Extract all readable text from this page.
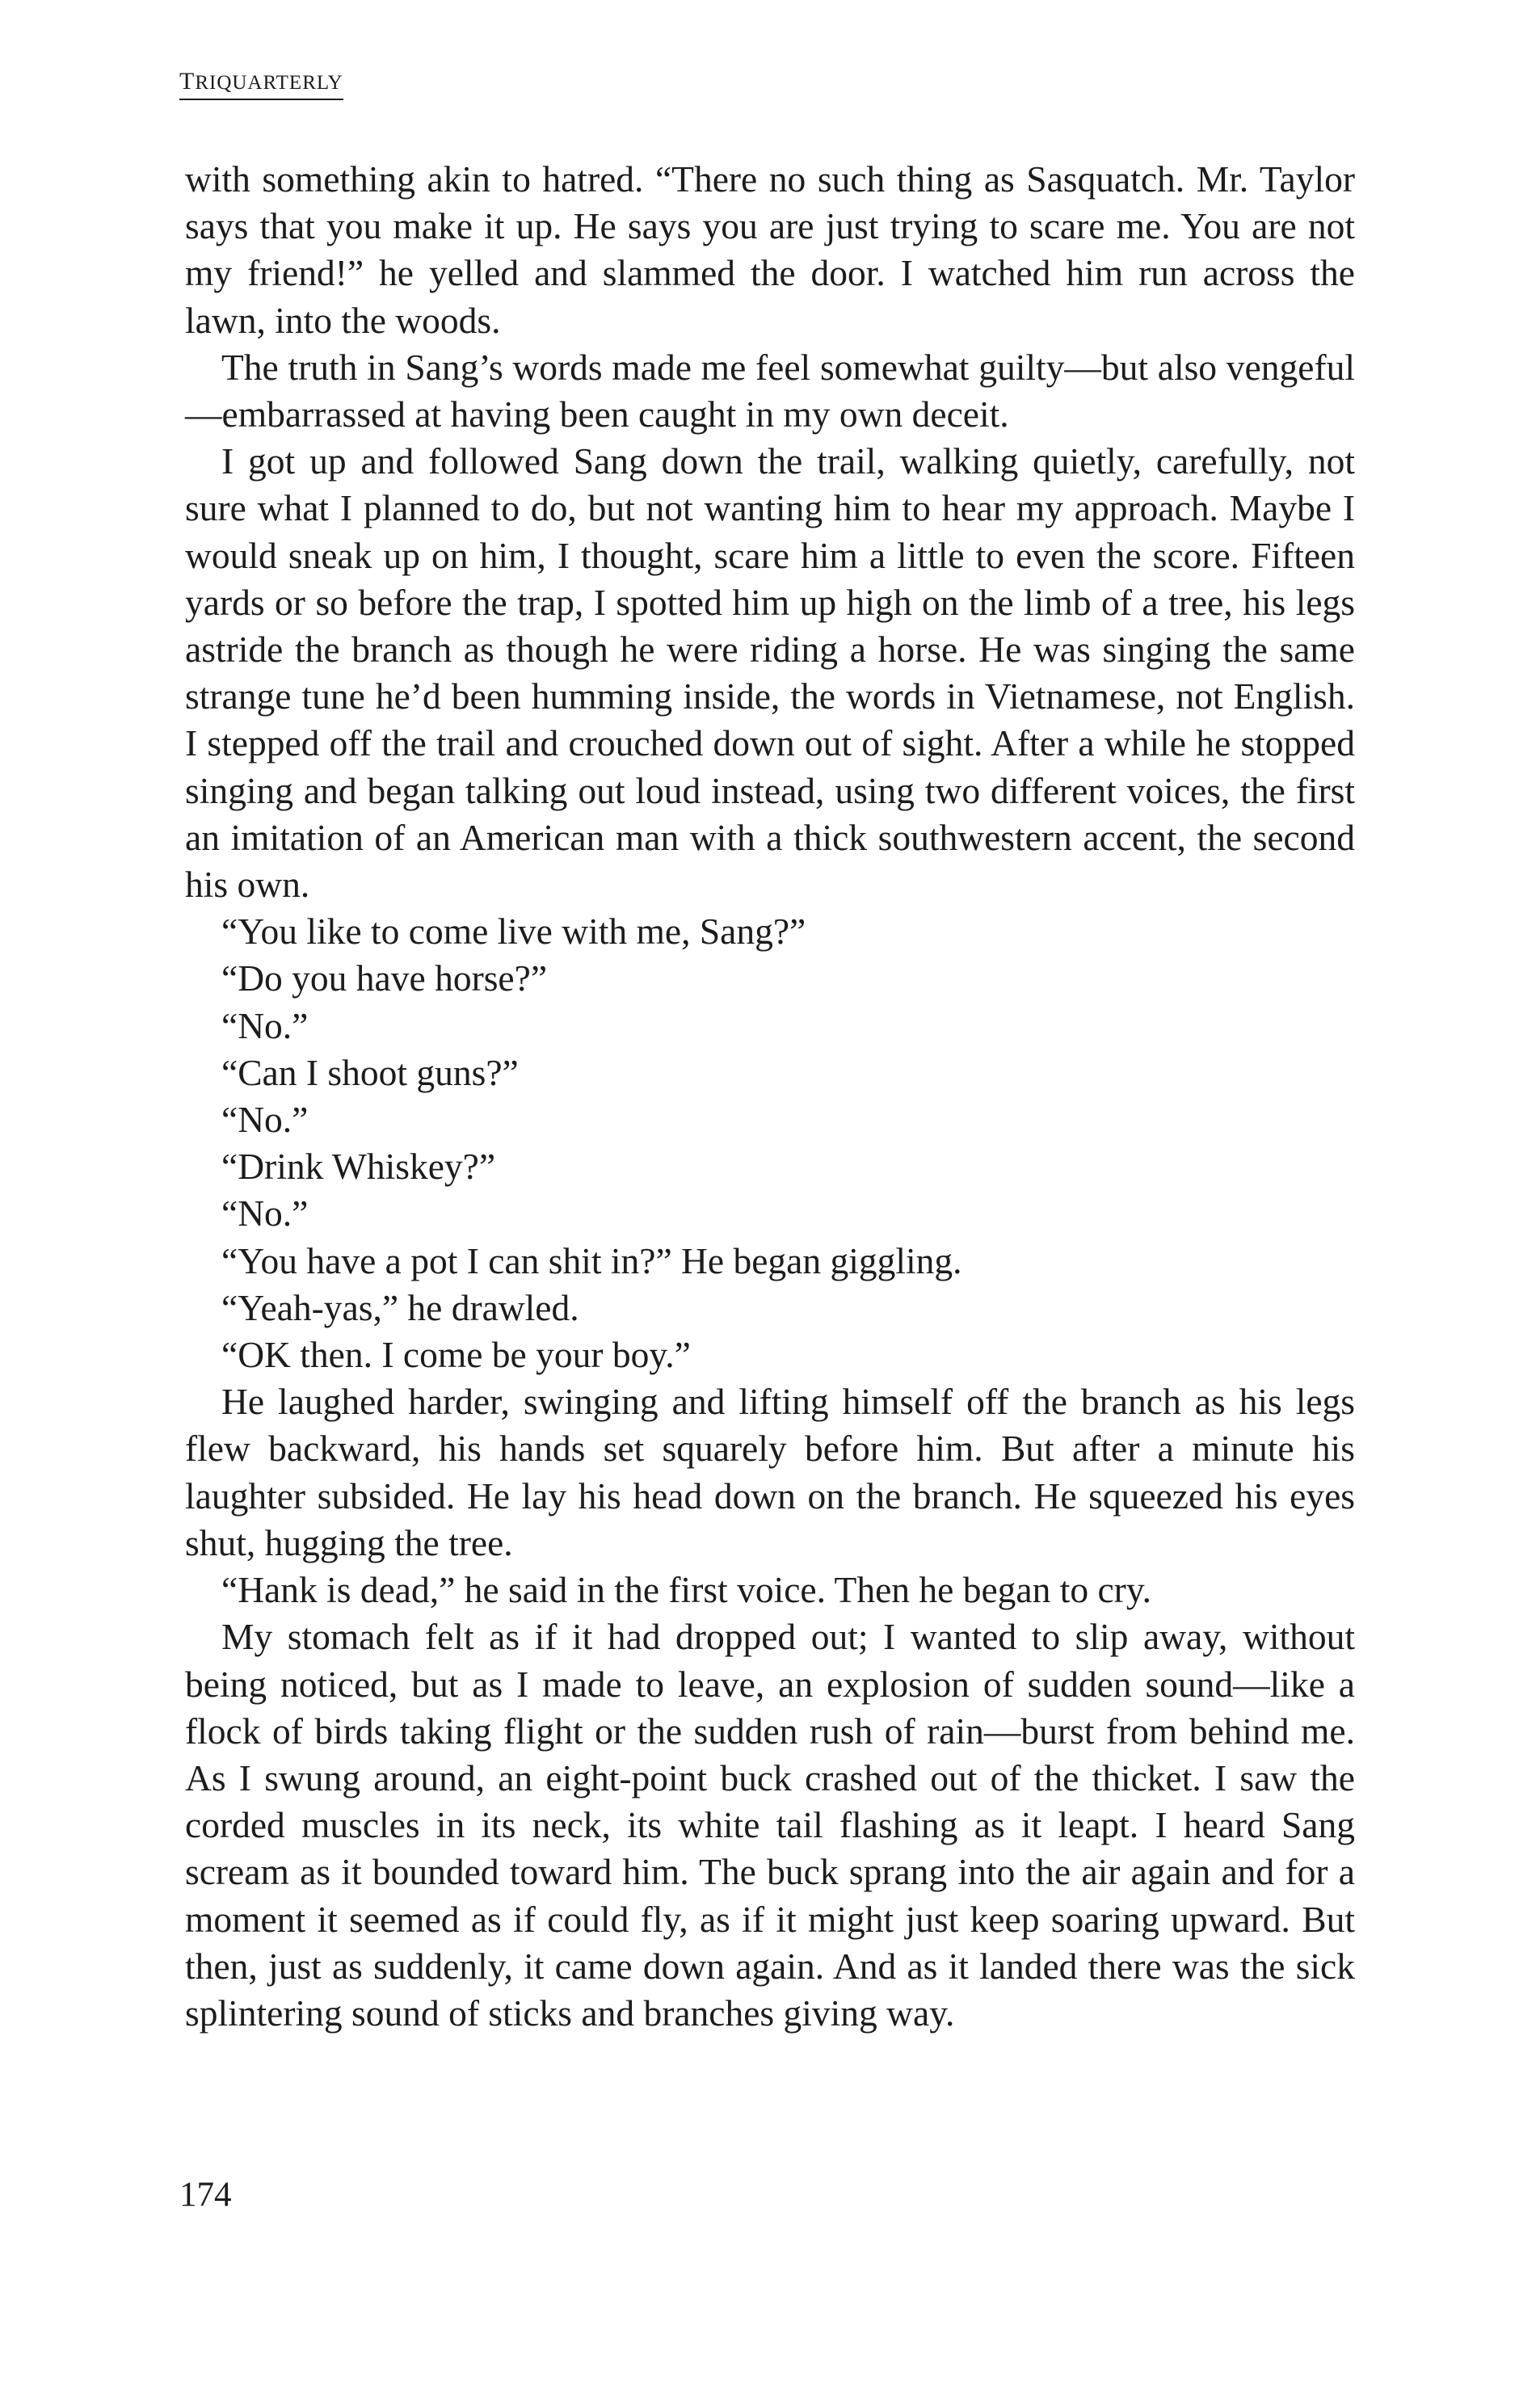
TRIQUARTERLY

with something akin to hatred. “There no such thing as Sasquatch. Mr. Taylor says that you make it up. He says you are just trying to scare me. You are not my friend!” he yelled and slammed the door. I watched him run across the lawn, into the woods.

The truth in Sang’s words made me feel somewhat guilty—but also vengeful—embarrassed at having been caught in my own deceit.

I got up and followed Sang down the trail, walking quietly, carefully, not sure what I planned to do, but not wanting him to hear my approach. Maybe I would sneak up on him, I thought, scare him a little to even the score. Fifteen yards or so before the trap, I spotted him up high on the limb of a tree, his legs astride the branch as though he were riding a horse. He was singing the same strange tune he’d been humming inside, the words in Vietnamese, not English. I stepped off the trail and crouched down out of sight. After a while he stopped singing and began talking out loud instead, using two different voices, the first an imitation of an American man with a thick southwestern accent, the second his own.

“You like to come live with me, Sang?”

“Do you have horse?”

“No.”

“Can I shoot guns?”

“No.”

“Drink Whiskey?”

“No.”

“You have a pot I can shit in?” He began giggling.

“Yeah-yas,” he drawled.

“OK then. I come be your boy.”

He laughed harder, swinging and lifting himself off the branch as his legs flew backward, his hands set squarely before him. But after a minute his laughter subsided. He lay his head down on the branch. He squeezed his eyes shut, hugging the tree.

“Hank is dead,” he said in the first voice. Then he began to cry.

My stomach felt as if it had dropped out; I wanted to slip away, without being noticed, but as I made to leave, an explosion of sudden sound—like a flock of birds taking flight or the sudden rush of rain—burst from behind me. As I swung around, an eight-point buck crashed out of the thicket. I saw the corded muscles in its neck, its white tail flashing as it leapt. I heard Sang scream as it bounded toward him. The buck sprang into the air again and for a moment it seemed as if could fly, as if it might just keep soaring upward. But then, just as suddenly, it came down again. And as it landed there was the sick splintering sound of sticks and branches giving way.

174
